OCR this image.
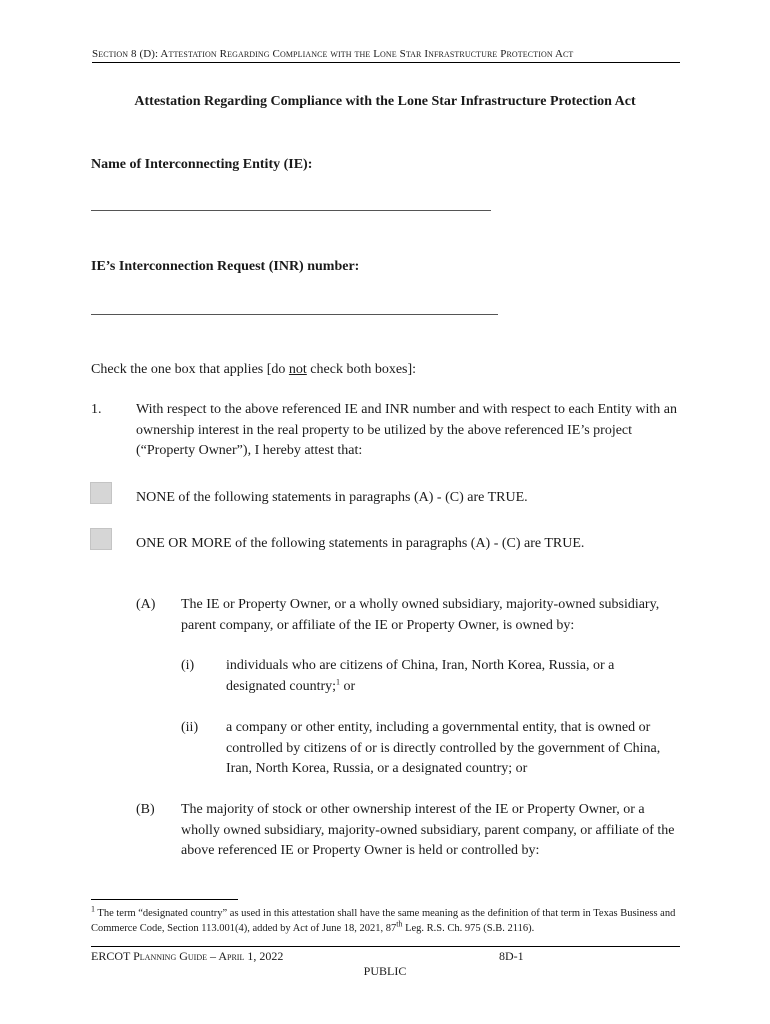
Section 8 (D): Attestation Regarding Compliance with the Lone Star Infrastructure Protection Act
Attestation Regarding Compliance with the Lone Star Infrastructure Protection Act
Name of Interconnecting Entity (IE):
IE’s Interconnection Request (INR) number:
Check the one box that applies [do not check both boxes]:
1. With respect to the above referenced IE and INR number and with respect to each Entity with an ownership interest in the real property to be utilized by the above referenced IE’s project (“Property Owner”), I hereby attest that:
NONE of the following statements in paragraphs (A) - (C) are TRUE.
ONE OR MORE of the following statements in paragraphs (A) - (C) are TRUE.
(A) The IE or Property Owner, or a wholly owned subsidiary, majority-owned subsidiary, parent company, or affiliate of the IE or Property Owner, is owned by:
(i) individuals who are citizens of China, Iran, North Korea, Russia, or a
designated country;$^1$ or
(ii) a company or other entity, including a governmental entity, that is owned or controlled by citizens of or is directly controlled by the government of China, Iran, North Korea, Russia, or a designated country; or
(B) The majority of stock or other ownership interest of the IE or Property Owner, or a wholly owned subsidiary, majority-owned subsidiary, parent company, or affiliate of the above referenced IE or Property Owner is held or controlled by:
$^1$ The term “designated country” as used in this attestation shall have the same meaning as the definition of that term in Texas Business and Commerce Code, Section 113.001(4), added by Act of June 18, 2021, 87th Leg. R.S. Ch. 975 (S.B. 2116).
ERCOT Planning Guide – April 1, 2022	8D-1
PUBLIC
